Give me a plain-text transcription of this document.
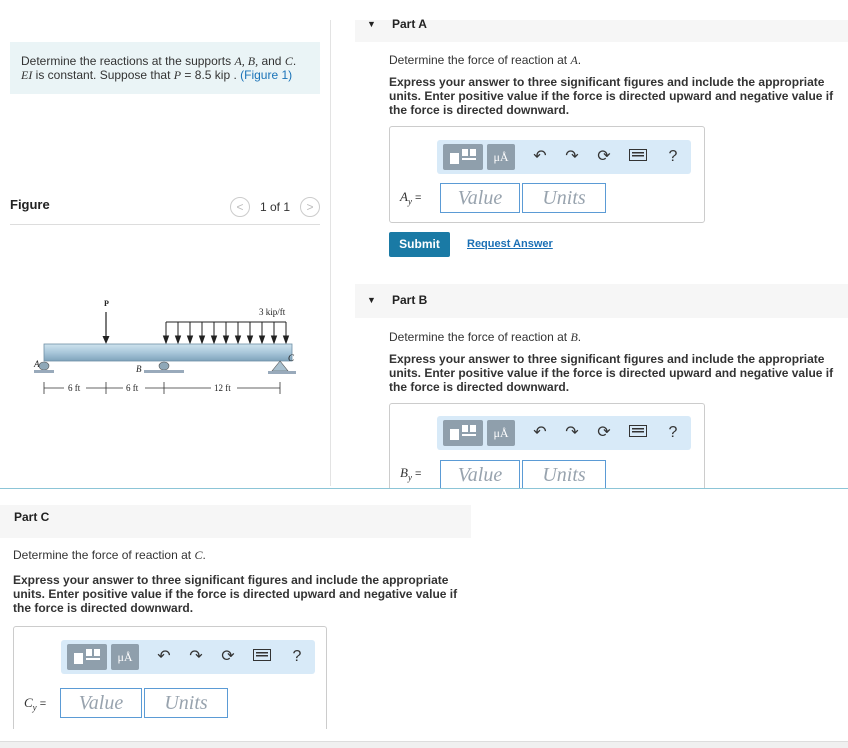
Determine the reactions at the supports A, B, and C.
EI is constant. Suppose that P = 8.5 kip . (Figure 1)
Figure	<	1 of 1	>
P
3 kip/ft
A	B
C
6 ft	6 ft	12 ft
▼ Part A
Determine the force of reaction at A.
Express your answer to three significant figures and include the appropriate units. Enter positive value if the force is directed upward and negative value if the force is directed downward.
μÅ	↶ ↷ ⟳	?
$A_y$ =	Value	Units
Submit	Request Answer
▼ Part B
Determine the force of reaction at B.
Express your answer to three significant figures and include the appropriate units. Enter positive value if the force is directed upward and negative value if the force is directed downward.
μÅ	↶ ↷ ⟳	?
$B_y$ =	Value	Units
Part C
Determine the force of reaction at C.
Express your answer to three significant figures and include the appropriate units. Enter positive value if the force is directed upward and negative value if the force is directed downward.
μÅ	↶ ↷ ⟳	?
$C_y$ =	Value	Units
